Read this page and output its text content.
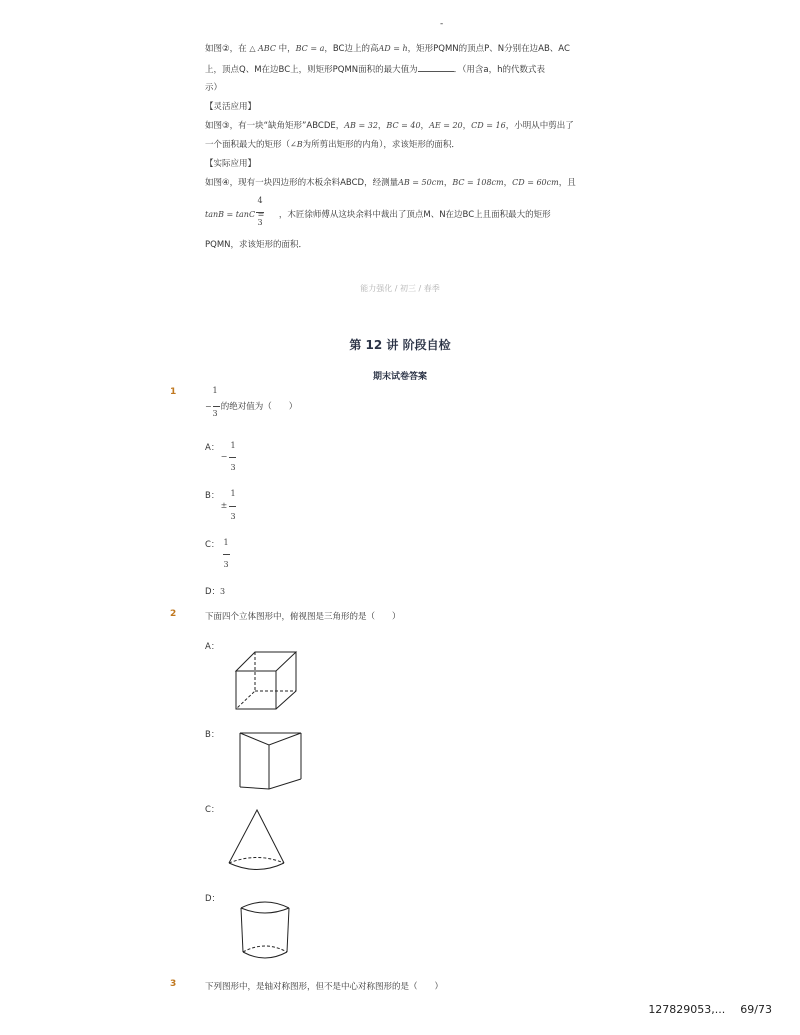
-
如图②，在 △ ABC 中，BC = a，BC边上的高AD = h，矩形PQMN的顶点P、N分别在边AB、AC
上，顶点Q、M在边BC上，则矩形PQMN面积的最大值为	．（用含a，h的代数式表
示）
【灵活应用】
如图③，有一块“缺角矩形”ABCDE，AB = 32，BC = 40，AE = 20，CD = 16，小明从中剪出了
一个面积最大的矩形（∠B为所剪出矩形的内角），求该矩形的面积．
【实际应用】
如图④，现有一块四边形的木板余料ABCD，经测量AB = 50cm，BC = 108cm，CD = 60cm，且
4
3
tanB = tanC = ，木匠徐师傅从这块余料中裁出了顶点M、N在边BC上且面积最大的矩形
PQMN，求该矩形的面积．
能力强化 / 初三 / 春季
第 12 讲 阶段自检
期末试卷答案
1	1
3
− 的绝对值为（　　）
A：	1
−
3
B：	1
±
3
C： 1
3
D：3
2	下面四个立体图形中，俯视图是三角形的是（　　）
A：
B：
C：
D：
3	下列图形中，是轴对称图形，但不是中心对称图形的是（　　）
127829053,... 69/73
